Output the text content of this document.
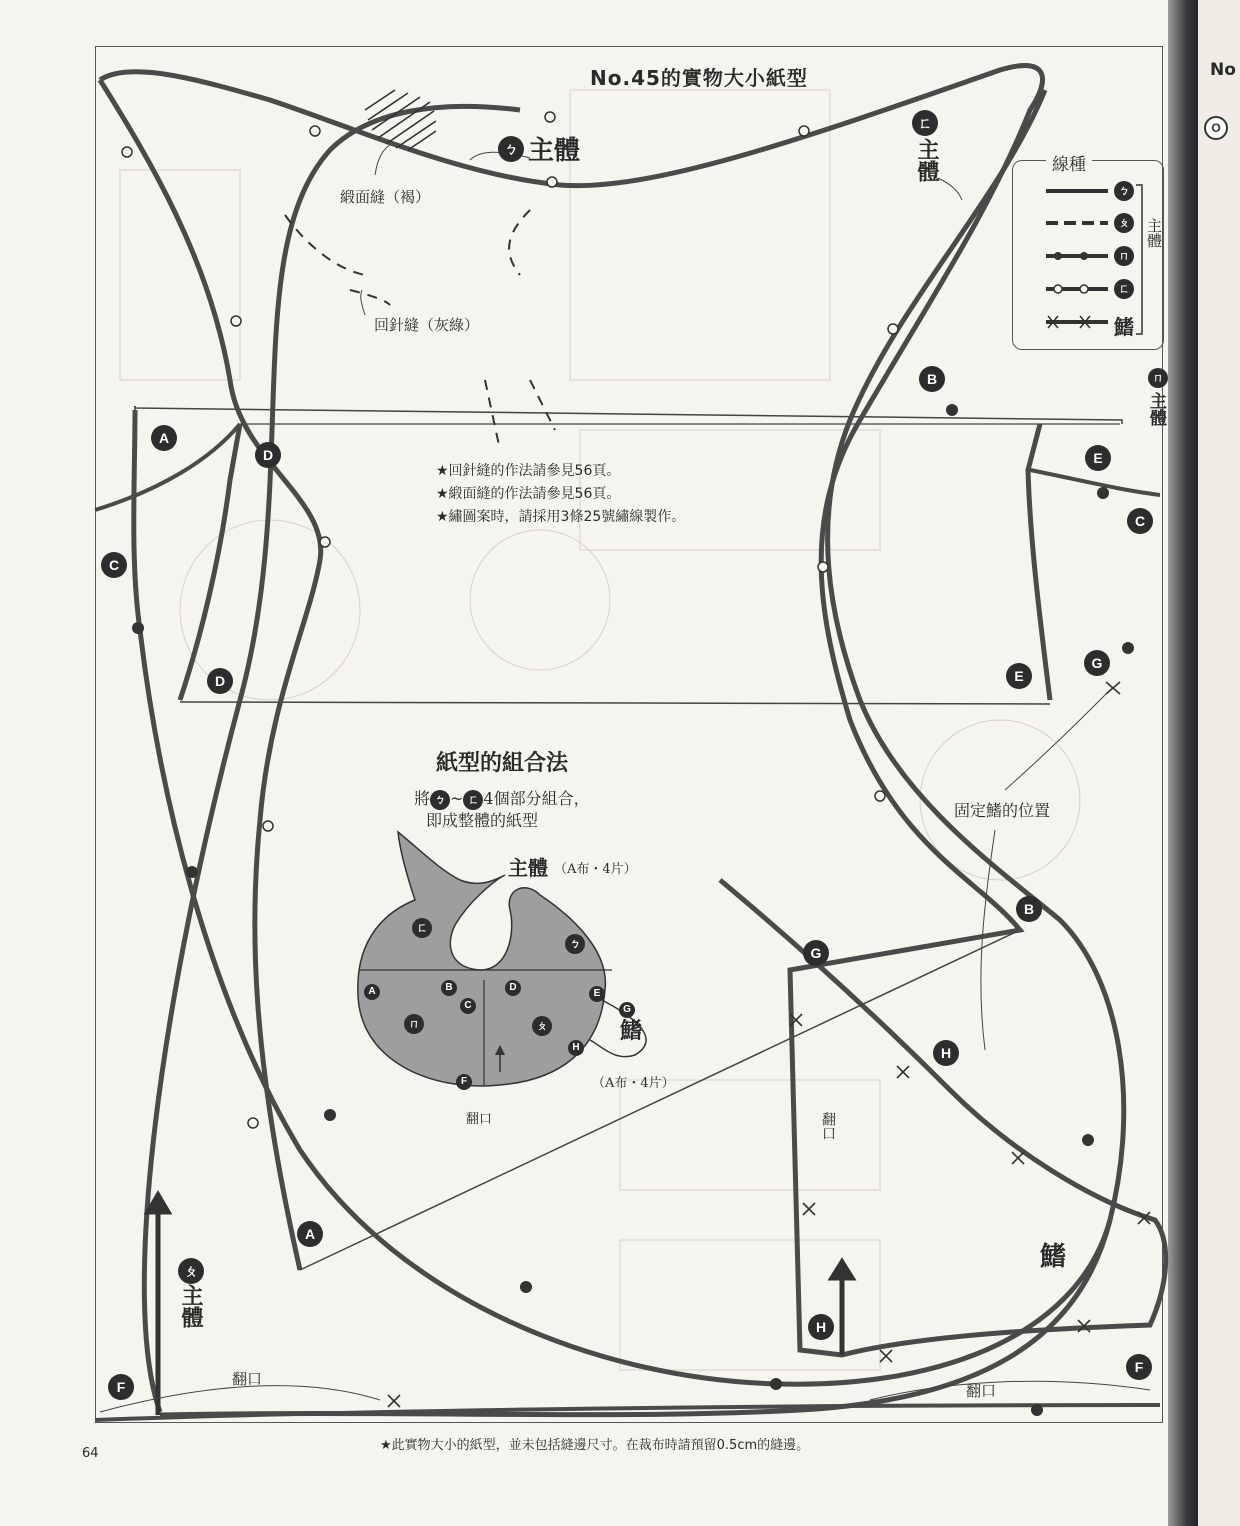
No
O
No.45的實物大小紙型
ㄅ 主體
ㄈ
主體
ㄇ
主體
ㄆ
主體
鰭
緞面縫（褐）
回針縫（灰綠）
★回針縫的作法請參見56頁。
★緞面縫的作法請參見56頁。
★繡圖案時，請採用3條25號繡線製作。
A
D
C
D
B
E
C
E
G
B
G
H
A
H
F
F
固定鰭的位置
翻口
翻口
翻口
線種
ㄅ
ㄆ
ㄇ
ㄈ
鰭
主體
紙型的組合法
將 ㄅ ~ ㄈ 4個部分組合，
即成整體的紙型
主體 （A布・4片）
鰭
（A布・4片）
翻口
ㄈ
ㄅ
ㄇ	ㄆ
A	B
C
D
E
G
H
F
★此實物大小的紙型，並未包括縫邊尺寸。在裁布時請預留0.5cm的縫邊。
64
